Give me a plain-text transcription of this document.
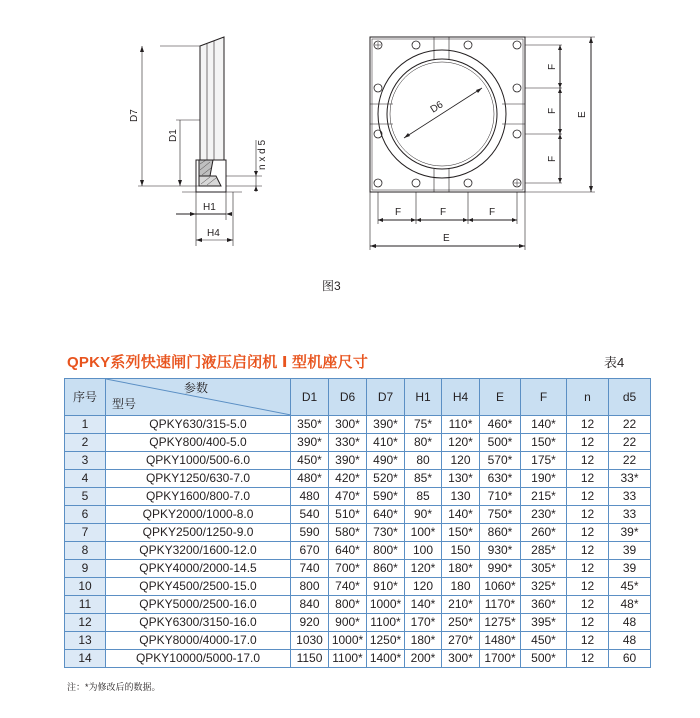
D7
D1
n x d 5
H1
H4
D6
F
F
F
E
F	F	F
E
图3
QPKY系列快速闸门液压启闭机 Ⅰ 型机座尺寸	表4
序号	参数
型号	D1	D6	D7	H1	H4	E	F	n	d5
1	QPKY630/315-5.0	350*	300*	390*	75*	110*	460*	140*	12	22
2	QPKY800/400-5.0	390*	330*	410*	80*	120*	500*	150*	12	22
3	QPKY1000/500-6.0	450*	390*	490*	80	120	570*	175*	12	22
4	QPKY1250/630-7.0	480*	420*	520*	85*	130*	630*	190*	12	33*
5	QPKY1600/800-7.0	480	470*	590*	85	130	710*	215*	12	33
6	QPKY2000/1000-8.0	540	510*	640*	90*	140*	750*	230*	12	33
7	QPKY2500/1250-9.0	590	580*	730*	100*	150*	860*	260*	12	39*
8	QPKY3200/1600-12.0	670	640*	800*	100	150	930*	285*	12	39
9	QPKY4000/2000-14.5	740	700*	860*	120*	180*	990*	305*	12	39
10	QPKY4500/2500-15.0	800	740*	910*	120	180	1060*	325*	12	45*
11	QPKY5000/2500-16.0	840	800*	1000*	140*	210*	1170*	360*	12	48*
12	QPKY6300/3150-16.0	920	900*	1100*	170*	250*	1275*	395*	12	48
13	QPKY8000/4000-17.0	1030	1000*	1250*	180*	270*	1480*	450*	12	48
14	QPKY10000/5000-17.0	1150	1100*	1400*	200*	300*	1700*	500*	12	60
注：*为修改后的数据。
